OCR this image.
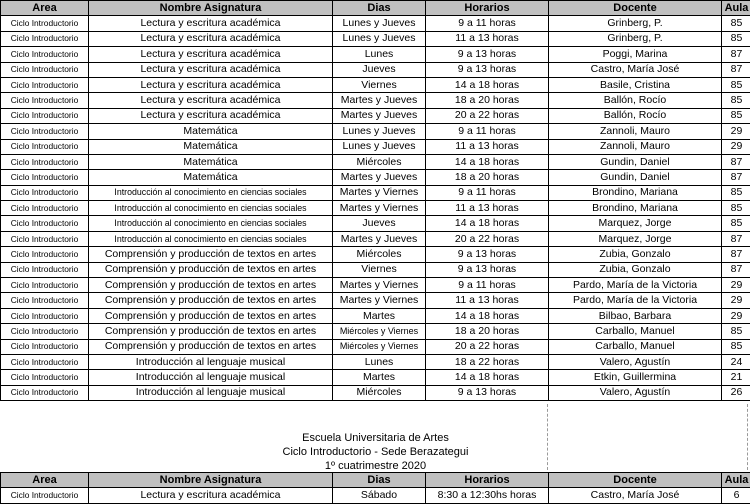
Area	Nombre Asignatura	Dias	Horarios	Docente	Aula
Ciclo Introductorio	Lectura y escritura académica	Lunes y Jueves	9 a 11 horas	Grinberg, P.	85
Ciclo Introductorio	Lectura y escritura académica	Lunes y Jueves	11 a 13 horas	Grinberg, P.	85
Ciclo Introductorio	Lectura y escritura académica	Lunes	9 a 13 horas	Poggi, Marina	87
Ciclo Introductorio	Lectura y escritura académica	Jueves	9 a 13 horas	Castro, María José	87
Ciclo Introductorio	Lectura y escritura académica	Viernes	14 a 18 horas	Basile, Cristina	85
Ciclo Introductorio	Lectura y escritura académica	Martes y Jueves	18 a 20 horas	Ballón, Rocío	85
Ciclo Introductorio	Lectura y escritura académica	Martes y Jueves	20 a 22 horas	Ballón, Rocío	85
Ciclo Introductorio	Matemática	Lunes y Jueves	9 a 11 horas	Zannoli, Mauro	29
Ciclo Introductorio	Matemática	Lunes y Jueves	11 a 13 horas	Zannoli, Mauro	29
Ciclo Introductorio	Matemática	Miércoles	14 a 18 horas	Gundin, Daniel	87
Ciclo Introductorio	Matemática	Martes y Jueves	18 a 20 horas	Gundin, Daniel	87
Ciclo Introductorio	Introducción al conocimiento en ciencias sociales	Martes y Viernes	9 a 11 horas	Brondino, Mariana	85
Ciclo Introductorio	Introducción al conocimiento en ciencias sociales	Martes y Viernes	11 a 13 horas	Brondino, Mariana	85
Ciclo Introductorio	Introducción al conocimiento en ciencias sociales	Jueves	14 a 18 horas	Marquez, Jorge	85
Ciclo Introductorio	Introducción al conocimiento en ciencias sociales	Martes y Jueves	20 a 22 horas	Marquez, Jorge	87
Ciclo Introductorio	Comprensión y producción de textos en artes	Miércoles	9 a 13 horas	Zubia, Gonzalo	87
Ciclo Introductorio	Comprensión y producción de textos en artes	Viernes	9 a 13 horas	Zubia, Gonzalo	87
Ciclo Introductorio	Comprensión y producción de textos en artes	Martes y Viernes	9 a 11 horas	Pardo, María de la Victoria	29
Ciclo Introductorio	Comprensión y producción de textos en artes	Martes y Viernes	11 a 13 horas	Pardo, María de la Victoria	29
Ciclo Introductorio	Comprensión y producción de textos en artes	Martes	14 a 18 horas	Bilbao, Barbara	29
Ciclo Introductorio	Comprensión y producción de textos en artes	Miércoles y Viernes	18 a 20 horas	Carballo, Manuel	85
Ciclo Introductorio	Comprensión y producción de textos en artes	Miércoles y Viernes	20 a 22 horas	Carballo, Manuel	85
Ciclo Introductorio	Introducción al lenguaje musical	Lunes	18 a 22 horas	Valero, Agustín	24
Ciclo Introductorio	Introducción al lenguaje musical	Martes	14 a 18 horas	Etkin, Guillermina	21
Ciclo Introductorio	Introducción al lenguaje musical	Miércoles	9 a 13 horas	Valero, Agustín	26
Escuela Universitaria de Artes
Ciclo Introductorio - Sede Berazategui
1º cuatrimestre 2020
Area	Nombre Asignatura	Dias	Horarios	Docente	Aula
Ciclo Introductorio	Lectura y escritura académica	Sábado	8:30 a 12:30hs horas	Castro, María José	6
